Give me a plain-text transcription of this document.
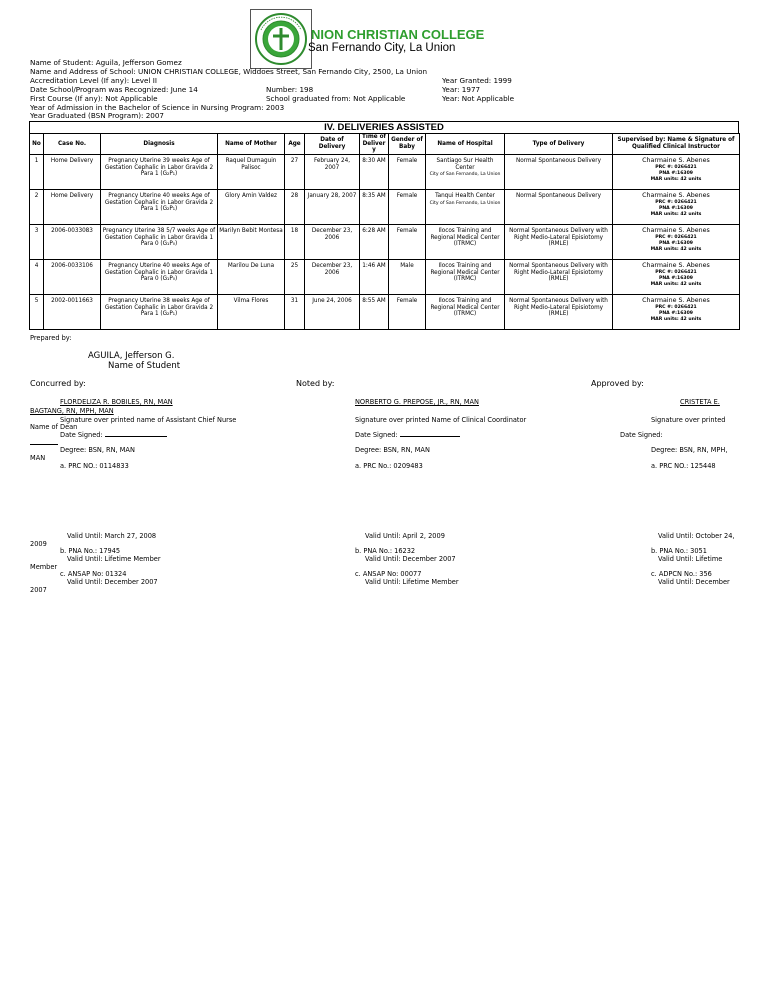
NION CHRISTIAN COLLEGE
San Fernando City, La Union
Name of Student: Aguila, Jefferson Gomez
Name and Address of School: UNION CHRISTIAN COLLEGE, Widdoes Street, San Fernando City, 2500, La Union
Accreditation Level (If any): Level II	Year Granted: 1999
Date School/Program was Recognized: June 14	Number: 198	Year: 1977
First Course (If any): Not Applicable	School graduated from: Not Applicable	Year: Not Applicable
Year of Admission in the Bachelor of Science in Nursing Program: 2003
Year Graduated (BSN Program): 2007
IV. DELIVERIES ASSISTED
No	Case No.	Diagnosis	Name of Mother	Age	Date of Delivery	Time of Deliver y	Gender of Baby	Name of Hospital	Type of Delivery	Supervised by: Name & Signature of Qualified Clinical Instructor
1	Home Delivery	Pregnancy Uterine 39 weeks Age of Gestation Cephalic in Labor Gravida 2 Para 1 (G₂P₁)	Raquel Dumaguin Palisoc	27	February 24, 2007	8:30 AM	Female	Santiago Sur Health Center
City of San Fernando, La Union	Normal Spontaneous Delivery	Charmaine S. Abenes
PRC #: 0266421
PNA #:16309
MAR units: 42 units

2	Home Delivery	Pregnancy Uterine 40 weeks Age of Gestation Cephalic in Labor Gravida 2 Para 1 (G₂P₁)	Glory Amin Valdez	28	January 28, 2007	8:35 AM	Female	Tanqui Health Center
City of San Fernando, La Union	Normal Spontaneous Delivery	Charmaine S. Abenes
PRC #: 0266421
PNA #:16309
MAR units: 42 units

3	2006-0033083	Pregnancy Uterine 38 5/7 weeks Age of Gestation Cephalic in Labor Gravida 1 Para 0 (G₁P₀)	Marilyn Bebit Montesa	18	December 23, 2006	6:28 AM	Female	Ilocos Training and Regional Medical Center (ITRMC)	Normal Spontaneous Delivery with Right Medio-Lateral Episiotomy (RMLE)	Charmaine S. Abenes
PRC #: 0266421
PNA #:16309
MAR units: 42 units

4	2006-0033106	Pregnancy Uterine 40 weeks Age of Gestation Cephalic in Labor Gravida 1 Para 0 (G₁P₀)	Marilou De Luna	25	December 23, 2006	1:46 AM	Male	Ilocos Training and Regional Medical Center (ITRMC)	Normal Spontaneous Delivery with Right Medio-Lateral Episiotomy (RMLE)	Charmaine S. Abenes
PRC #: 0266421
PNA #:16309
MAR units: 42 units

5	2002-0011663	Pregnancy Uterine 38 weeks Age of Gestation Cephalic in Labor Gravida 2 Para 1 (G₂P₁)	Vilma Flores	31	June 24, 2006	8:55 AM	Female	Ilocos Training and Regional Medical Center (ITRMC)	Normal Spontaneous Delivery with Right Medio-Lateral Episiotomy (RMLE)	Charmaine S. Abenes
PRC #: 0266421
PNA #:16309
MAR units: 42 units
Prepared by:
AGUILA, Jefferson G.
Name of Student
Concurred by:	Noted by:	Approved by:
FLORDELIZA R. BOBILES, RN, MAN	NORBERTO G. PREPOSE, JR., RN, MAN	CRISTETA E.
BAGTANG, RN, MPH, MAN
Signature over printed name of Assistant Chief Nurse	Signature over printed Name of Clinical Coordinator	Signature over printed
Name of Dean
Date Signed:	Date Signed:	Date Signed:
Degree: BSN, RN, MAN	Degree: BSN, RN, MAN	Degree: BSN, RN, MPH,
MAN
a. PRC NO.: 0114833	a. PRC No.: 0209483	a. PRC NO.: 125448
Valid Until: March 27, 2008	Valid Until: April 2, 2009	Valid Until: October 24,
2009
b. PNA No.: 17945	b. PNA No.: 16232	b. PNA No.: 3051
Valid Until: Lifetime Member	Valid Until: December 2007	Valid Until: Lifetime
Member
c. ANSAP No: 01324	c. ANSAP No: 00077	c. ADPCN No.: 356
Valid Until: December 2007	Valid Until: Lifetime Member	Valid Until: December
2007
